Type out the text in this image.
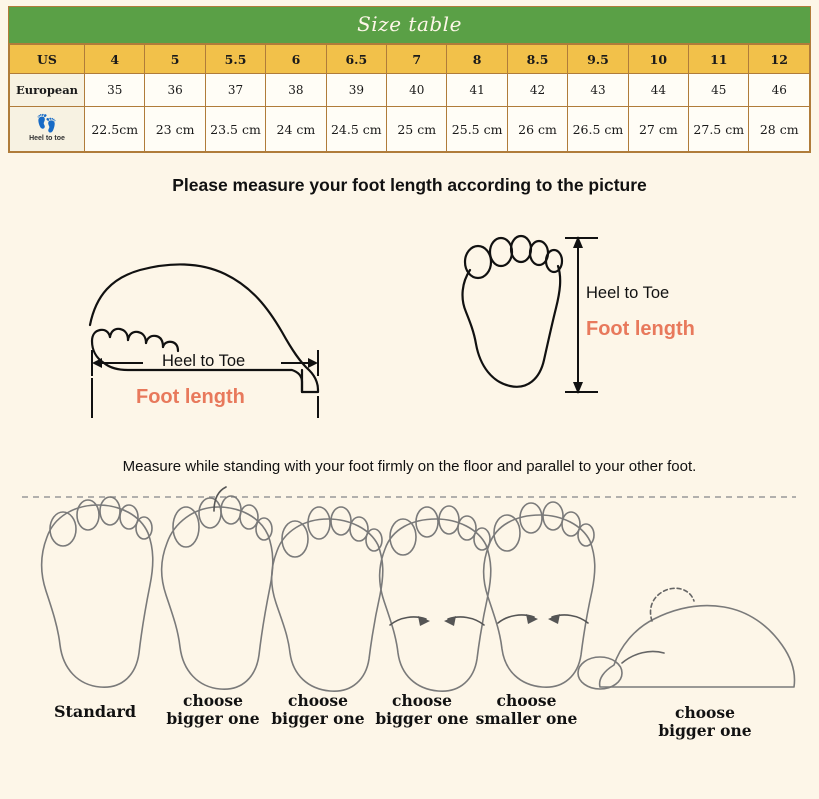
Size table
US	4	5	5.5	6	6.5	7	8	8.5	9.5	10	11	12
European	35	36	37	38	39	40	41	42	43	44	45	46

👣
Heel to toe	22.5cm	23 cm	23.5 cm	24 cm	24.5 cm	25 cm	25.5 cm	26 cm	26.5 cm	27 cm	27.5 cm	28 cm
Please measure your foot length according to the picture
Heel to Toe
Foot length
Heel to Toe
Foot length
Measure while standing with your foot firmly on the floor and parallel to your other foot.
Standard
choose
bigger one
choose
bigger one
choose
bigger one
choose
smaller one	choose
bigger one
